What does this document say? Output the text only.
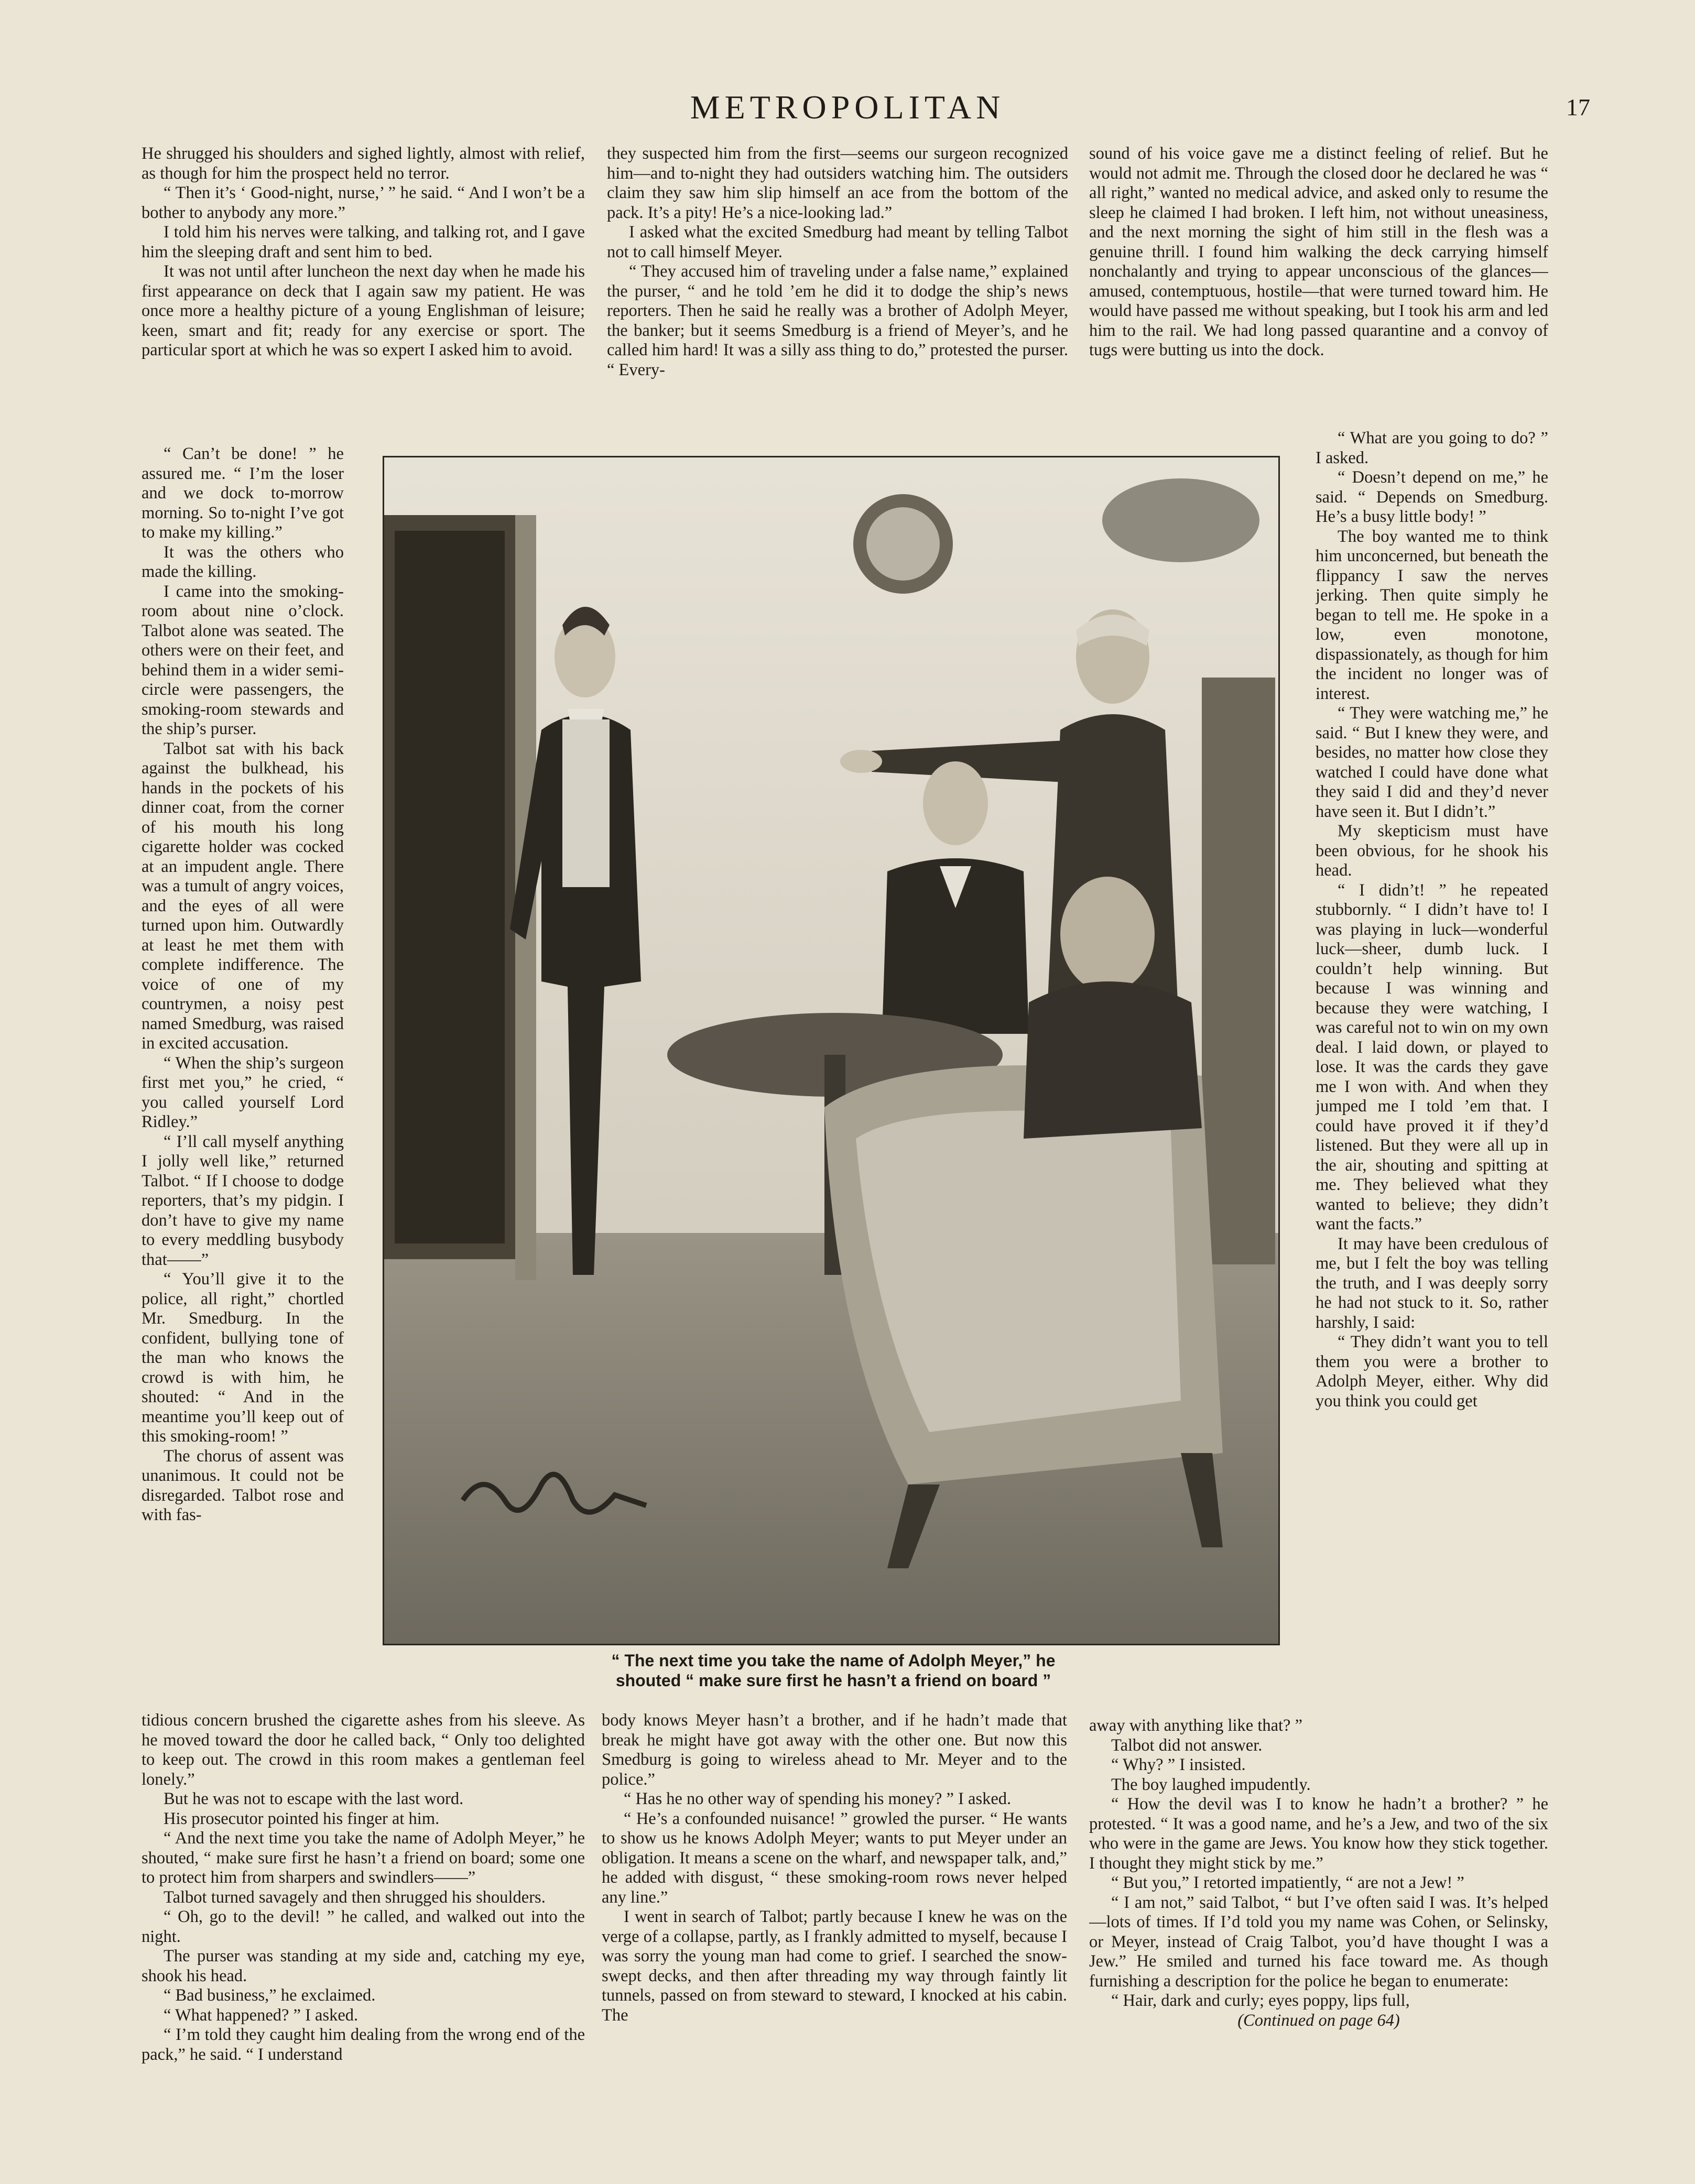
METROPOLITAN	17

He shrugged his shoulders and sighed lightly, almost with relief, as though for him the prospect held no terror.

“ Then it’s ‘ Good-night, nurse,’ ” he said. “ And I won’t be a bother to anybody any more.”

I told him his nerves were talking, and talking rot, and I gave him the sleeping draft and sent him to bed.

It was not until after luncheon the next day when he made his first appearance on deck that I again saw my patient. He was once more a healthy picture of a young Englishman of leisure; keen, smart and fit; ready for any exercise or sport. The particular sport at which he was so expert I asked him to avoid.

“ Can’t be done! ” he assured me. “ I’m the loser and we dock to-morrow morning. So to-night I’ve got to make my killing.”

It was the others who made the killing.

I came into the smoking-room about nine o’clock. Talbot alone was seated. The others were on their feet, and behind them in a wider semi-circle were passengers, the smoking-room stewards and the ship’s purser.

Talbot sat with his back against the bulkhead, his hands in the pockets of his dinner coat, from the corner of his mouth his long cigarette holder was cocked at an impudent angle. There was a tumult of angry voices, and the eyes of all were turned upon him. Outwardly at least he met them with complete indifference. The voice of one of my countrymen, a noisy pest named Smedburg, was raised in excited accusation.

“ When the ship’s surgeon first met you,” he cried, “ you called yourself Lord Ridley.”

“ I’ll call myself anything I jolly well like,” returned Talbot. “ If I choose to dodge reporters, that’s my pidgin. I don’t have to give my name to every meddling busybody that——”

“ You’ll give it to the police, all right,” chortled Mr. Smedburg. In the confident, bullying tone of the man who knows the crowd is with him, he shouted: “ And in the meantime you’ll keep out of this smoking-room! ”

The chorus of assent was unanimous. It could not be disregarded. Talbot rose and with fas-

tidious concern brushed the cigarette ashes from his sleeve. As he moved toward the door he called back, “ Only too delighted to keep out. The crowd in this room makes a gentleman feel lonely.”

But he was not to escape with the last word.

His prosecutor pointed his finger at him.

“ And the next time you take the name of Adolph Meyer,” he shouted, “ make sure first he hasn’t a friend on board; some one to protect him from sharpers and swindlers——”

Talbot turned savagely and then shrugged his shoulders.

“ Oh, go to the devil! ” he called, and walked out into the night.

The purser was standing at my side and, catching my eye, shook his head.

“ Bad business,” he exclaimed.

“ What happened? ” I asked.

“ I’m told they caught him dealing from the wrong end of the pack,” he said. “ I understand

they suspected him from the first—seems our surgeon recognized him—and to-night they had outsiders watching him. The outsiders claim they saw him slip himself an ace from the bottom of the pack. It’s a pity! He’s a nice-looking lad.”

I asked what the excited Smedburg had meant by telling Talbot not to call himself Meyer.

“ They accused him of traveling under a false name,” explained the purser, “ and he told ’em he did it to dodge the ship’s news reporters. Then he said he really was a brother of Adolph Meyer, the banker; but it seems Smedburg is a friend of Meyer’s, and he called him hard! It was a silly ass thing to do,” protested the purser. “ Every-

body knows Meyer hasn’t a brother, and if he hadn’t made that break he might have got away with the other one. But now this Smedburg is going to wireless ahead to Mr. Meyer and to the police.”

“ Has he no other way of spending his money? ” I asked.

“ He’s a confounded nuisance! ” growled the purser. “ He wants to show us he knows Adolph Meyer; wants to put Meyer under an obligation. It means a scene on the wharf, and newspaper talk, and,” he added with disgust, “ these smoking-room rows never helped any line.”

I went in search of Talbot; partly because I knew he was on the verge of a collapse, partly, as I frankly admitted to myself, because I was sorry the young man had come to grief. I searched the snow-swept decks, and then after threading my way through faintly lit tunnels, passed on from steward to steward, I knocked at his cabin. The

sound of his voice gave me a distinct feeling of relief. But he would not admit me. Through the closed door he declared he was “ all right,” wanted no medical advice, and asked only to resume the sleep he claimed I had broken. I left him, not without uneasiness, and the next morning the sight of him still in the flesh was a genuine thrill. I found him walking the deck carrying himself nonchalantly and trying to appear unconscious of the glances—amused, contemptuous, hostile—that were turned toward him. He would have passed me without speaking, but I took his arm and led him to the rail. We had long passed quarantine and a convoy of tugs were butting us into the dock.

“ What are you going to do? ” I asked.

“ Doesn’t depend on me,” he said. “ Depends on Smedburg. He’s a busy little body! ”

The boy wanted me to think him unconcerned, but beneath the flippancy I saw the nerves jerking. Then quite simply he began to tell me. He spoke in a low, even monotone, dispassionately, as though for him the incident no longer was of interest.

“ They were watching me,” he said. “ But I knew they were, and besides, no matter how close they watched I could have done what they said I did and they’d never have seen it. But I didn’t.”

My skepticism must have been obvious, for he shook his head.

“ I didn’t! ” he repeated stubbornly. “ I didn’t have to! I was playing in luck—wonderful luck—sheer, dumb luck. I couldn’t help winning. But because I was winning and because they were watching, I was careful not to win on my own deal. I laid down, or played to lose. It was the cards they gave me I won with. And when they jumped me I told ’em that. I could have proved it if they’d listened. But they were all up in the air, shouting and spitting at me. They believed what they wanted to believe; they didn’t want the facts.”

It may have been credulous of me, but I felt the boy was telling the truth, and I was deeply sorry he had not stuck to it. So, rather harshly, I said:

“ They didn’t want you to tell them you were a brother to Adolph Meyer, either. Why did you think you could get

away with anything like that? ”

Talbot did not answer.

“ Why? ” I insisted.

The boy laughed impudently.

“ How the devil was I to know he hadn’t a brother? ” he protested. “ It was a good name, and he’s a Jew, and two of the six who were in the game are Jews. You know how they stick together. I thought they might stick by me.”

“ But you,” I retorted impatiently, “ are not a Jew! ”

“ I am not,” said Talbot, “ but I’ve often said I was. It’s helped—lots of times. If I’d told you my name was Cohen, or Selinsky, or Meyer, instead of Craig Talbot, you’d have thought I was a Jew.” He smiled and turned his face toward me. As though furnishing a description for the police he began to enumerate:

“ Hair, dark and curly; eyes poppy, lips full,

(Continued on page 64)

“ The next time you take the name of Adolph Meyer,” he
shouted “ make sure first he hasn’t a friend on board ”
